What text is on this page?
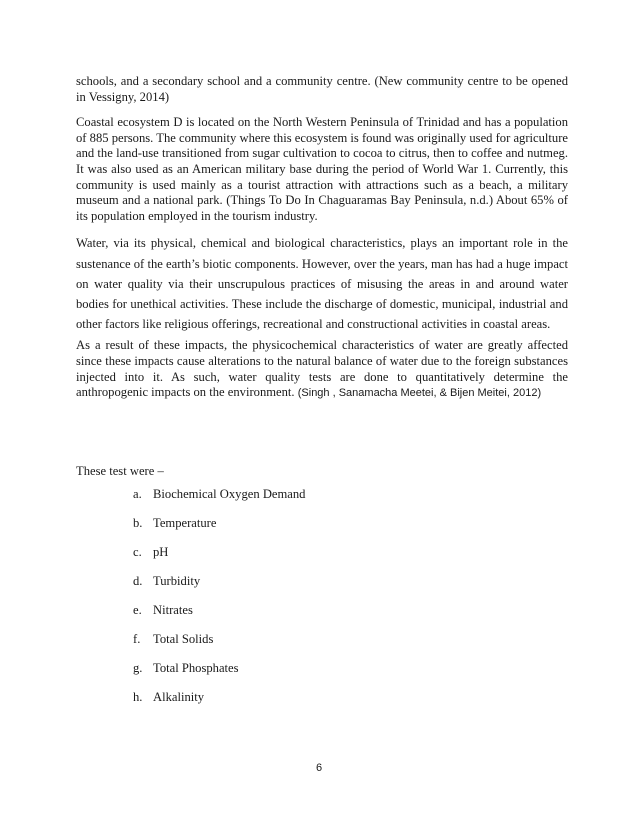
schools, and a secondary school and a community centre. (New community centre to be opened in Vessigny, 2014)

Coastal ecosystem D is located on the North Western Peninsula of Trinidad and has a population of 885 persons. The community where this ecosystem is found was originally used for agriculture and the land-use transitioned from sugar cultivation to cocoa to citrus, then to coffee and nutmeg. It was also used as an American military base during the period of World War 1. Currently, this community is used mainly as a tourist attraction with attractions such as a beach, a military museum and a national park. (Things To Do In Chaguaramas Bay Peninsula, n.d.) About 65% of its population employed in the tourism industry.

Water, via its physical, chemical and biological characteristics, plays an important role in the sustenance of the earth’s biotic components. However, over the years, man has had a huge impact on water quality via their unscrupulous practices of misusing the areas in and around water bodies for unethical activities. These include the discharge of domestic, municipal, industrial and other factors like religious offerings, recreational and constructional activities in coastal areas.

As a result of these impacts, the physicochemical characteristics of water are greatly affected since these impacts cause alterations to the natural balance of water due to the foreign substances injected into it. As such, water quality tests are done to quantitatively determine the anthropogenic impacts on the environment. (Singh , Sanamacha Meetei, & Bijen Meitei, 2012)

These test were –

a. Biochemical Oxygen Demand
b. Temperature
c. pH
d. Turbidity
e. Nitrates
f.	Total Solids
g. Total Phosphates
h. Alkalinity
6
